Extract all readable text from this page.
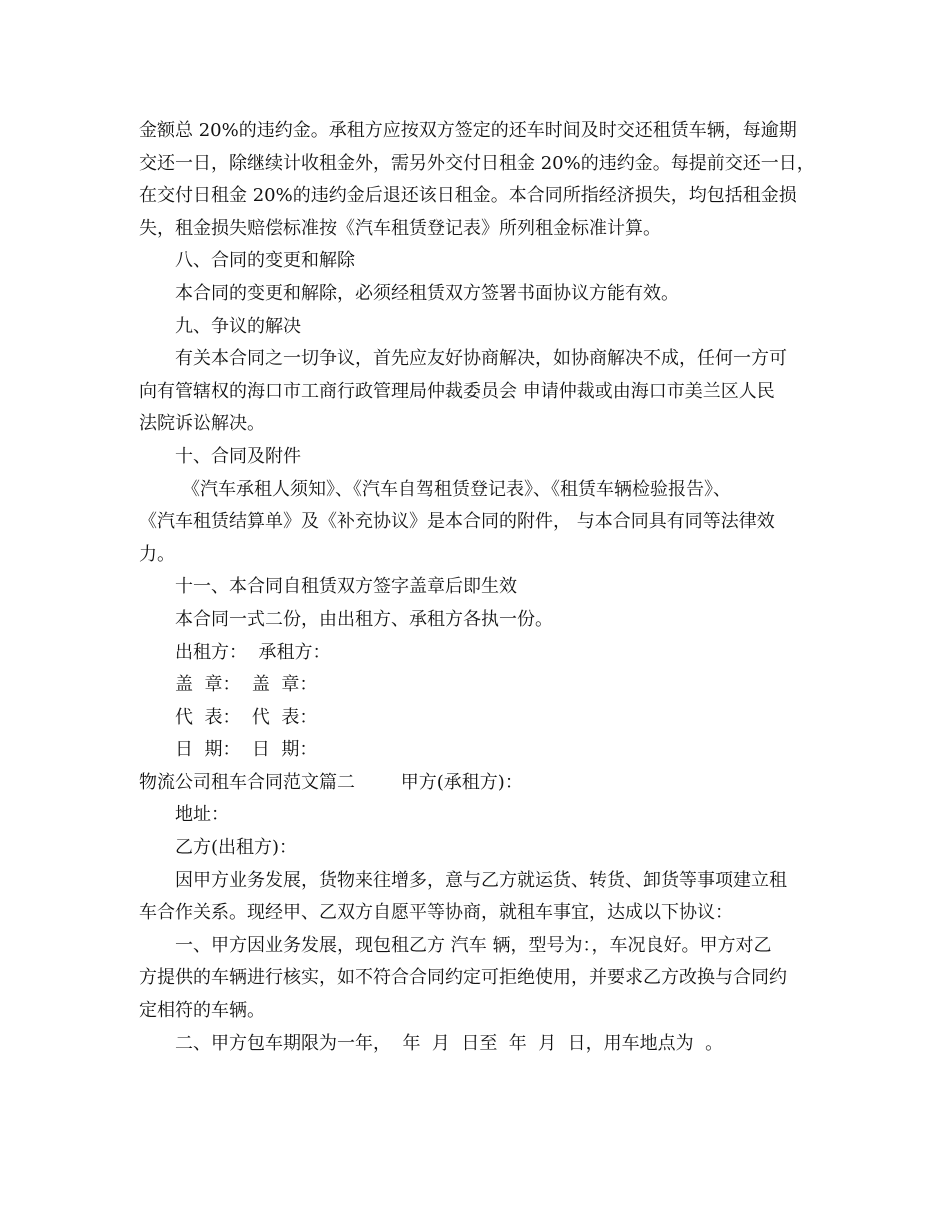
金额总 20%的违约金。承租方应按双方签定的还车时间及时交还租赁车辆，每逾期
交还一日，除继续计收租金外，需另外交付日租金 20%的违约金。每提前交还一日，
在交付日租金 20%的违约金后退还该日租金。本合同所指经济损失，均包括租金损
失，租金损失赔偿标准按《汽车租赁登记表》所列租金标准计算。
八、合同的变更和解除
本合同的变更和解除，必须经租赁双方签署书面协议方能有效。
九、争议的解决
有关本合同之一切争议，首先应友好协商解决，如协商解决不成，任何一方可
向有管辖权的海口市工商行政管理局仲裁委员会 申请仲裁或由海口市美兰区人民
法院诉讼解决。
十、合同及附件
《汽车承租人须知》、《汽车自驾租赁登记表》、《租赁车辆检验报告》、
《汽车租赁结算单》及《补充协议》是本合同的附件， 与本合同具有同等法律效
力。
十一、本合同自租赁双方签字盖章后即生效
本合同一式二份，由出租方、承租方各执一份。
出租方：  承租方：
盖  章：  盖  章：
代  表：  代  表：
日  期：  日  期：
物流公司租车合同范文篇二        甲方(承租方)：
地址：
乙方(出租方)：
因甲方业务发展，货物来往增多，意与乙方就运货、转货、卸货等事项建立租
车合作关系。现经甲、乙双方自愿平等协商，就租车事宜，达成以下协议：
一、甲方因业务发展，现包租乙方 汽车 辆，型号为：，车况良好。甲方对乙
方提供的车辆进行核实，如不符合合同约定可拒绝使用，并要求乙方改换与合同约
定相符的车辆。
二、甲方包车期限为一年，  年  月  日至  年  月  日，用车地点为  。
